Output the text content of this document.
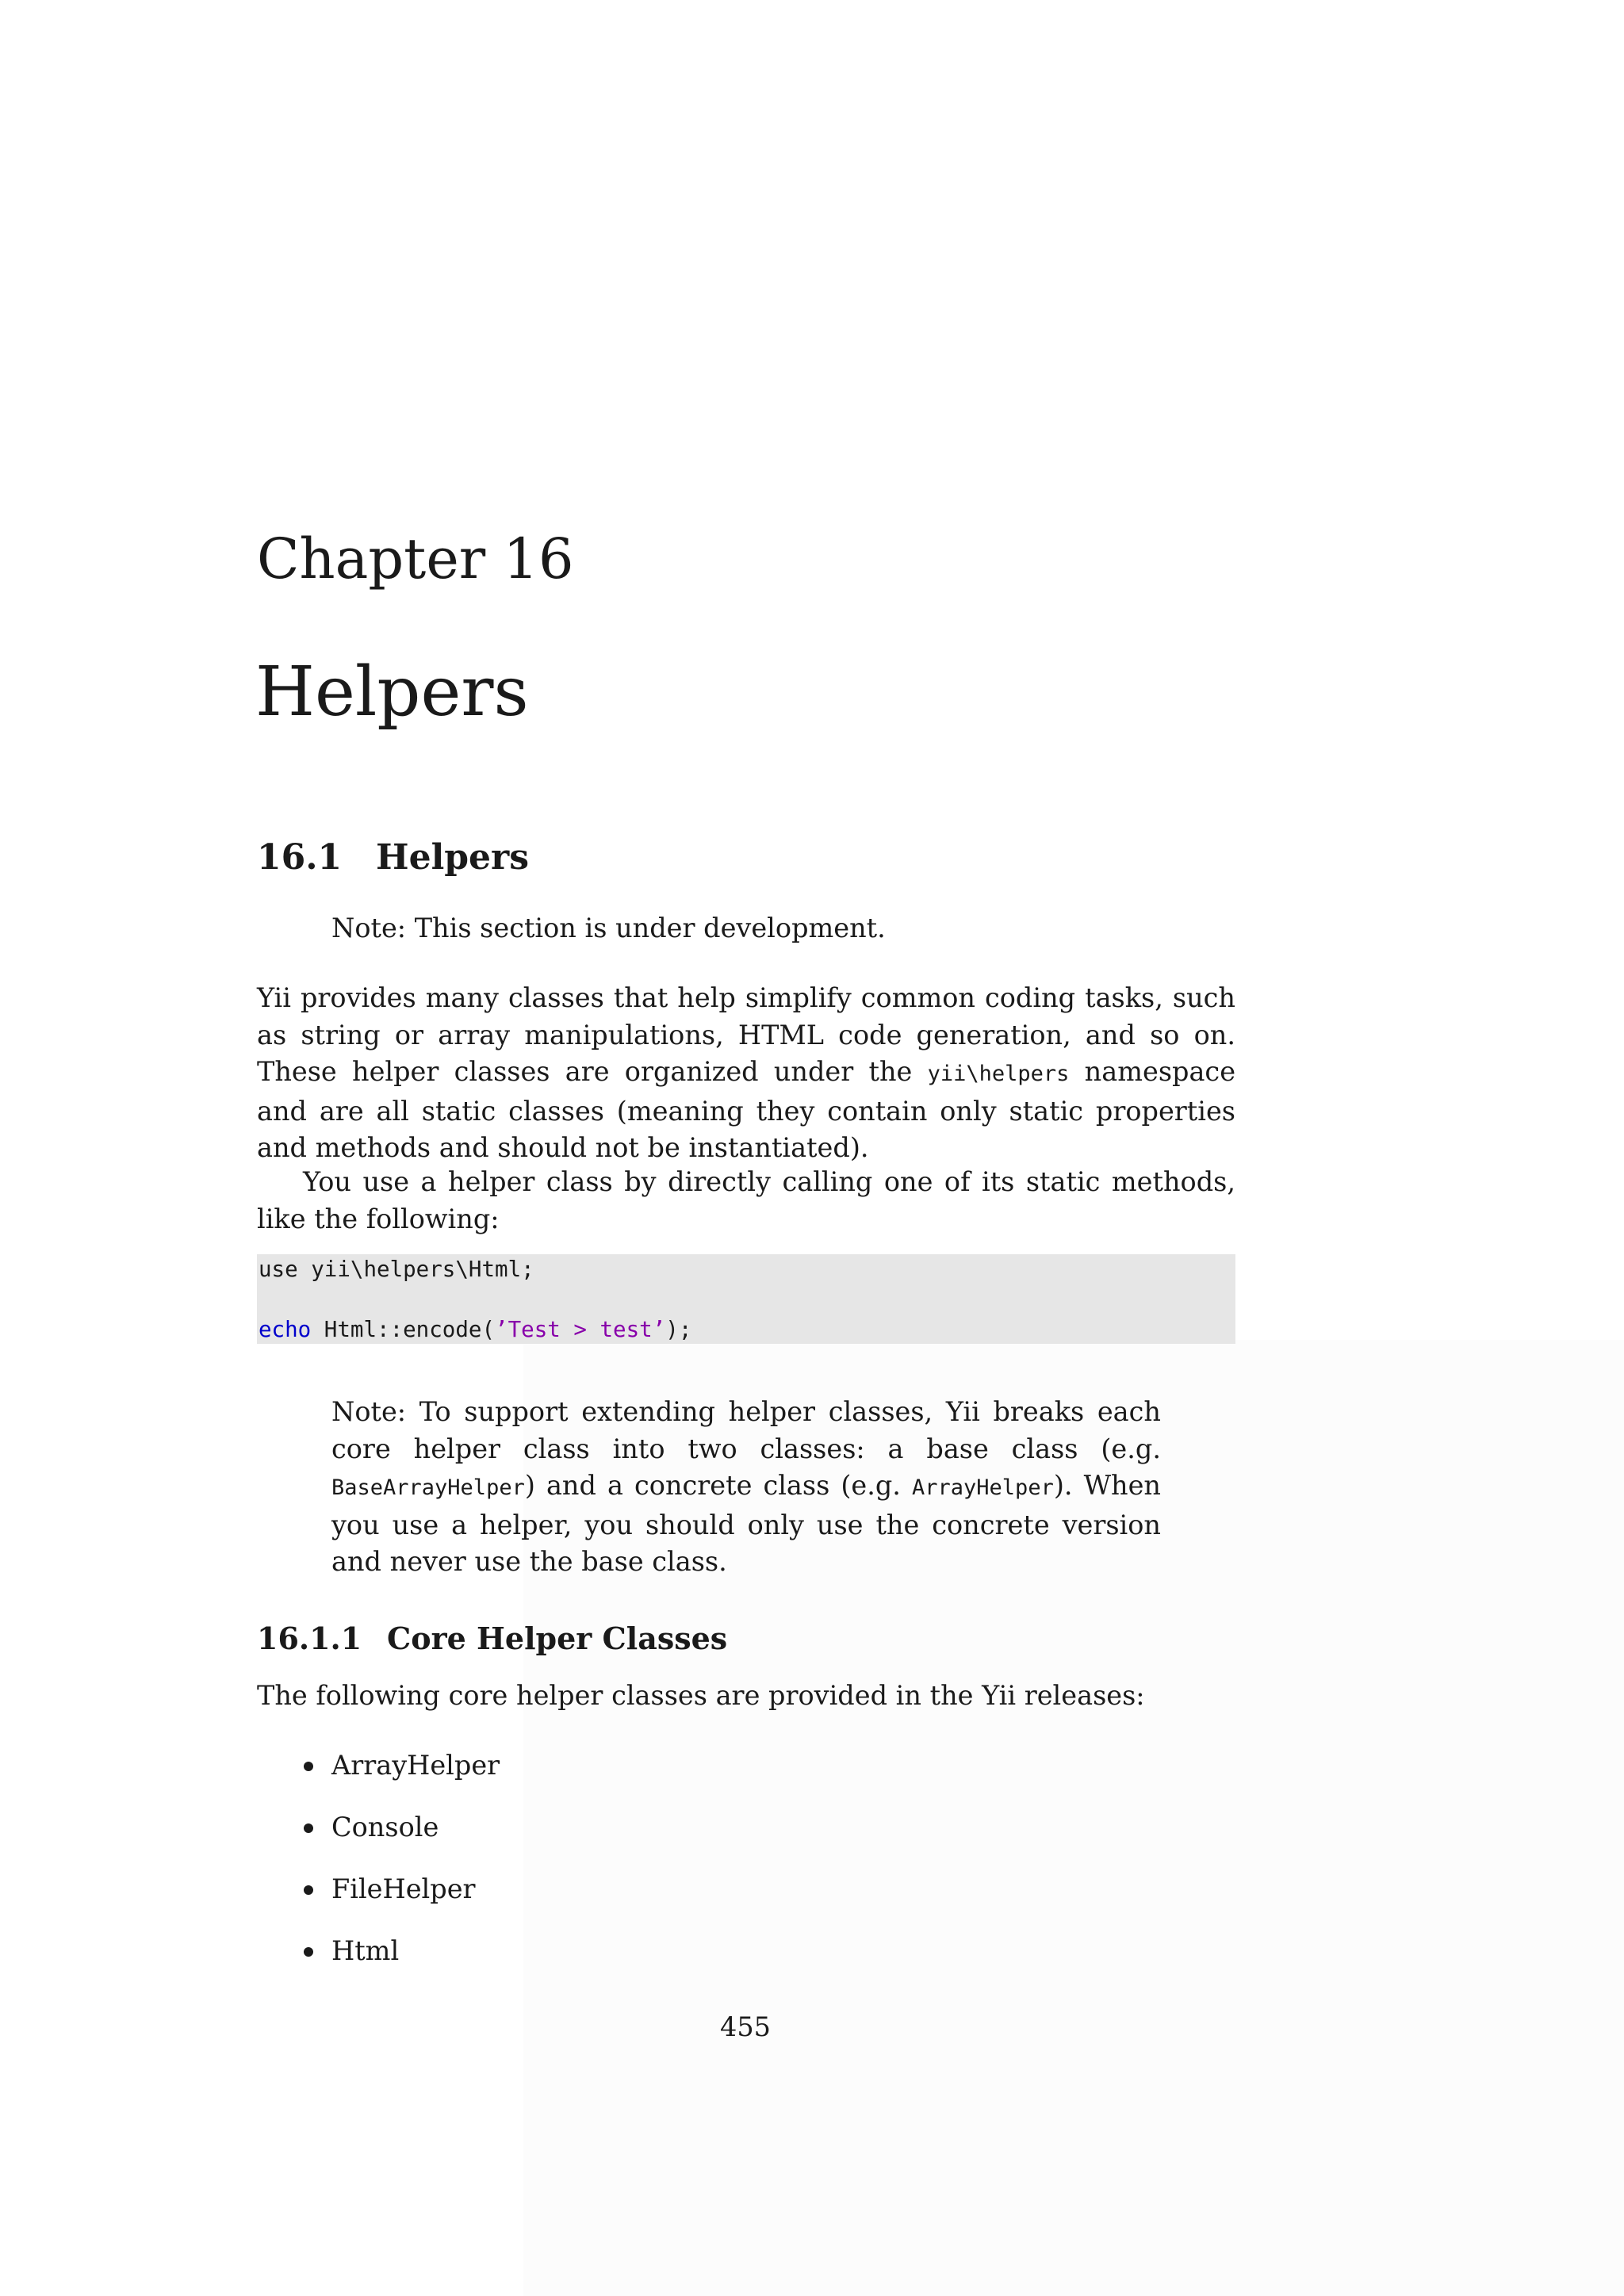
Chapter 16
Helpers
16.1 Helpers
Note: This section is under development.

Yii provides many classes that help simplify common coding tasks, such as string or array manipulations, HTML code generation, and so on. These helper classes are organized under the yii\helpers namespace and are all static classes (meaning they contain only static properties and methods and should not be instantiated).

You use a helper class by directly calling one of its static methods, like the following:

use yii\helpers\Html;
echo Html::encode(’Test > test’);

Note: To support extending helper classes, Yii breaks each core helper class into two classes: a base class (e.g. BaseArrayHelper) and a concrete class (e.g. ArrayHelper). When you use a helper, you should only use the concrete version and never use the base class.

16.1.1 Core Helper Classes
The following core helper classes are provided in the Yii releases:
ArrayHelper
Console
FileHelper
Html
455
